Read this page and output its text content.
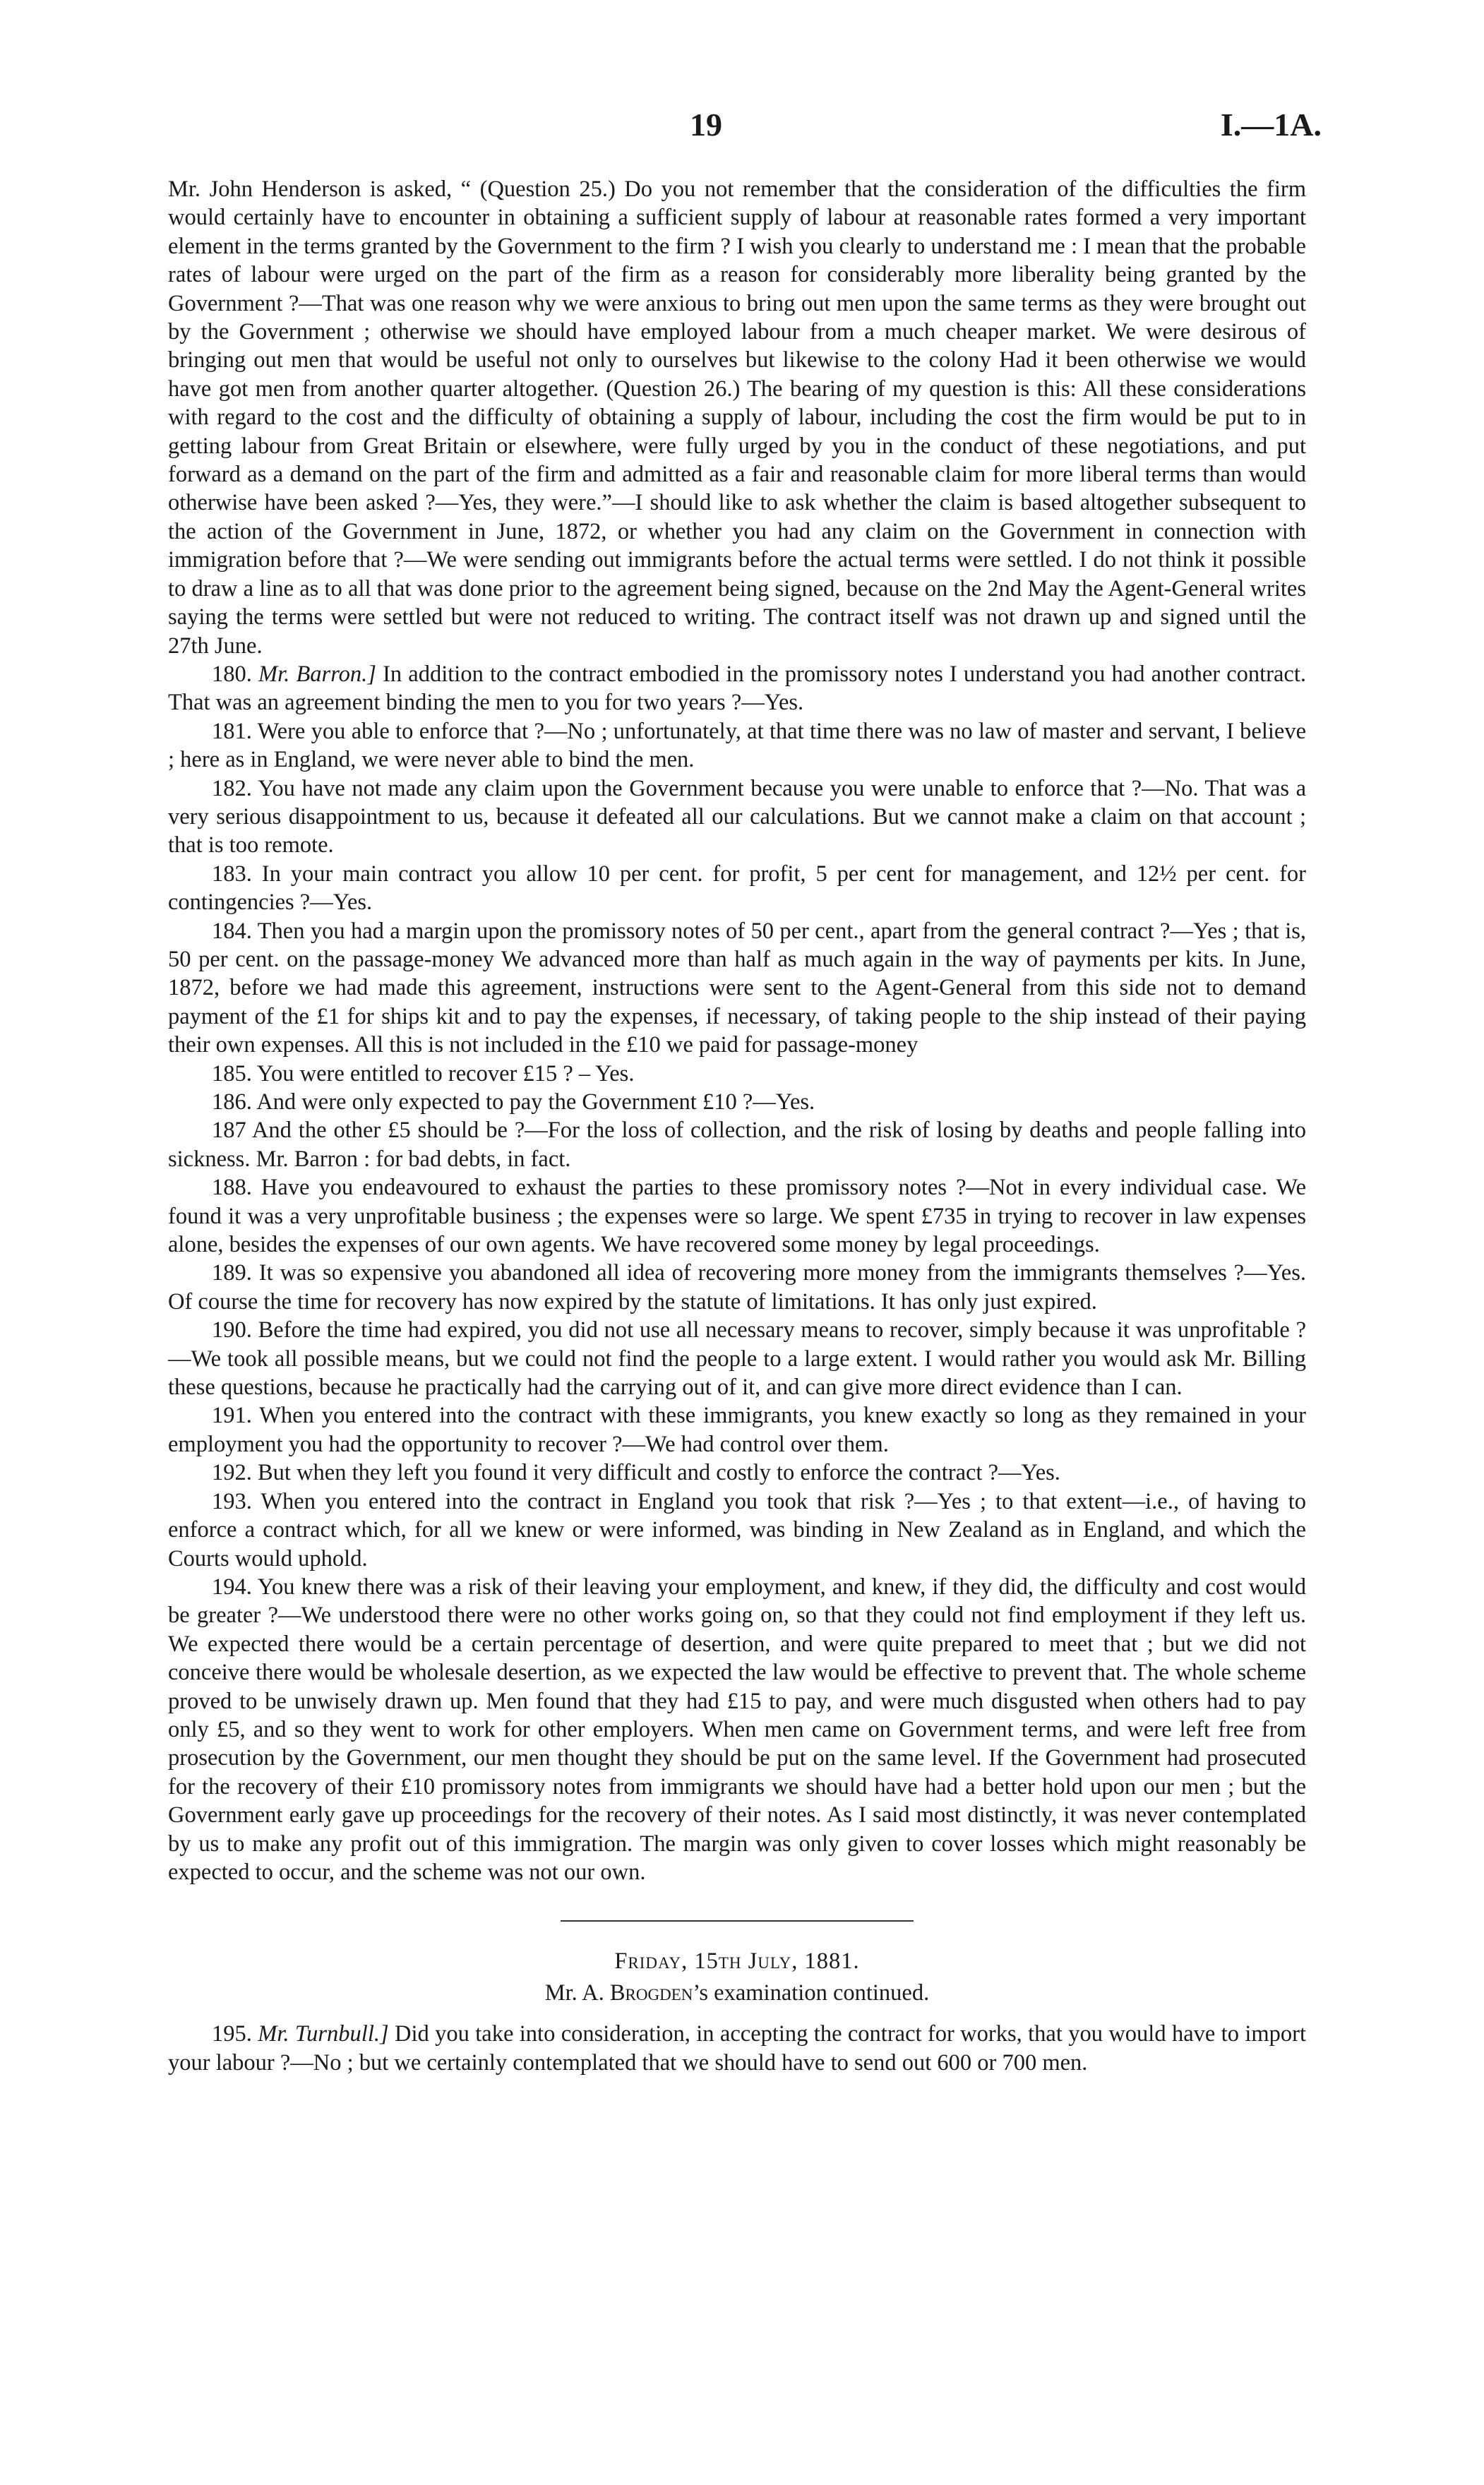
19	I.—1A.

Mr. John Henderson is asked, “ (Question 25.) Do you not remember that the consideration of the difficulties the firm would certainly have to encounter in obtaining a sufficient supply of labour at reasonable rates formed a very important element in the terms granted by the Government to the firm ? I wish you clearly to understand me : I mean that the probable rates of labour were urged on the part of the firm as a reason for considerably more liberality being granted by the Government ?—That was one reason why we were anxious to bring out men upon the same terms as they were brought out by the Government ; otherwise we should have employed labour from a much cheaper market. We were desirous of bringing out men that would be useful not only to ourselves but likewise to the colony Had it been otherwise we would have got men from another quarter altogether. (Question 26.) The bearing of my question is this: All these considerations with regard to the cost and the difficulty of obtaining a supply of labour, including the cost the firm would be put to in getting labour from Great Britain or elsewhere, were fully urged by you in the conduct of these negotiations, and put forward as a demand on the part of the firm and admitted as a fair and reasonable claim for more liberal terms than would otherwise have been asked ?—Yes, they were.”—I should like to ask whether the claim is based altogether subsequent to the action of the Government in June, 1872, or whether you had any claim on the Government in connection with immigration before that ?—We were sending out immigrants before the actual terms were settled. I do not think it possible to draw a line as to all that was done prior to the agreement being signed, because on the 2nd May the Agent-General writes saying the terms were settled but were not reduced to writing. The contract itself was not drawn up and signed until the 27th June.

180. Mr. Barron.] In addition to the contract embodied in the promissory notes I understand you had another contract. That was an agreement binding the men to you for two years ?—Yes.

181. Were you able to enforce that ?—No ; unfortunately, at that time there was no law of master and servant, I believe ; here as in England, we were never able to bind the men.

182. You have not made any claim upon the Government because you were unable to enforce that ?—No. That was a very serious disappointment to us, because it defeated all our calculations. But we cannot make a claim on that account ; that is too remote.

183. In your main contract you allow 10 per cent. for profit, 5 per cent for management, and 12½ per cent. for contingencies ?—Yes.

184. Then you had a margin upon the promissory notes of 50 per cent., apart from the general contract ?—Yes ; that is, 50 per cent. on the passage-money We advanced more than half as much again in the way of payments per kits. In June, 1872, before we had made this agreement, instructions were sent to the Agent-General from this side not to demand payment of the £1 for ships kit and to pay the expenses, if necessary, of taking people to the ship instead of their paying their own expenses. All this is not included in the £10 we paid for passage-money

185. You were entitled to recover £15 ? – Yes.

186. And were only expected to pay the Government £10 ?—Yes.

187 And the other £5 should be ?—For the loss of collection, and the risk of losing by deaths and people falling into sickness. Mr. Barron : for bad debts, in fact.

188. Have you endeavoured to exhaust the parties to these promissory notes ?—Not in every individual case. We found it was a very unprofitable business ; the expenses were so large. We spent £735 in trying to recover in law expenses alone, besides the expenses of our own agents. We have recovered some money by legal proceedings.

189. It was so expensive you abandoned all idea of recovering more money from the immigrants themselves ?—Yes. Of course the time for recovery has now expired by the statute of limitations. It has only just expired.

190. Before the time had expired, you did not use all necessary means to recover, simply because it was unprofitable ?—We took all possible means, but we could not find the people to a large extent. I would rather you would ask Mr. Billing these questions, because he practically had the carrying out of it, and can give more direct evidence than I can.

191. When you entered into the contract with these immigrants, you knew exactly so long as they remained in your employment you had the opportunity to recover ?—We had control over them.

192. But when they left you found it very difficult and costly to enforce the contract ?—Yes.

193. When you entered into the contract in England you took that risk ?—Yes ; to that extent—i.e., of having to enforce a contract which, for all we knew or were informed, was binding in New Zealand as in England, and which the Courts would uphold.

194. You knew there was a risk of their leaving your employment, and knew, if they did, the difficulty and cost would be greater ?—We understood there were no other works going on, so that they could not find employment if they left us. We expected there would be a certain percentage of desertion, and were quite prepared to meet that ; but we did not conceive there would be wholesale desertion, as we expected the law would be effective to prevent that. The whole scheme proved to be unwisely drawn up. Men found that they had £15 to pay, and were much disgusted when others had to pay only £5, and so they went to work for other employers. When men came on Government terms, and were left free from prosecution by the Government, our men thought they should be put on the same level. If the Government had prosecuted for the recovery of their £10 promissory notes from immigrants we should have had a better hold upon our men ; but the Government early gave up proceedings for the recovery of their notes. As I said most distinctly, it was never contemplated by us to make any profit out of this immigration. The margin was only given to cover losses which might reasonably be expected to occur, and the scheme was not our own.

Friday, 15th July, 1881.

Mr. A. Brogden’s examination continued.

195. Mr. Turnbull.] Did you take into consideration, in accepting the contract for works, that you would have to import your labour ?—No ; but we certainly contemplated that we should have to send out 600 or 700 men.
